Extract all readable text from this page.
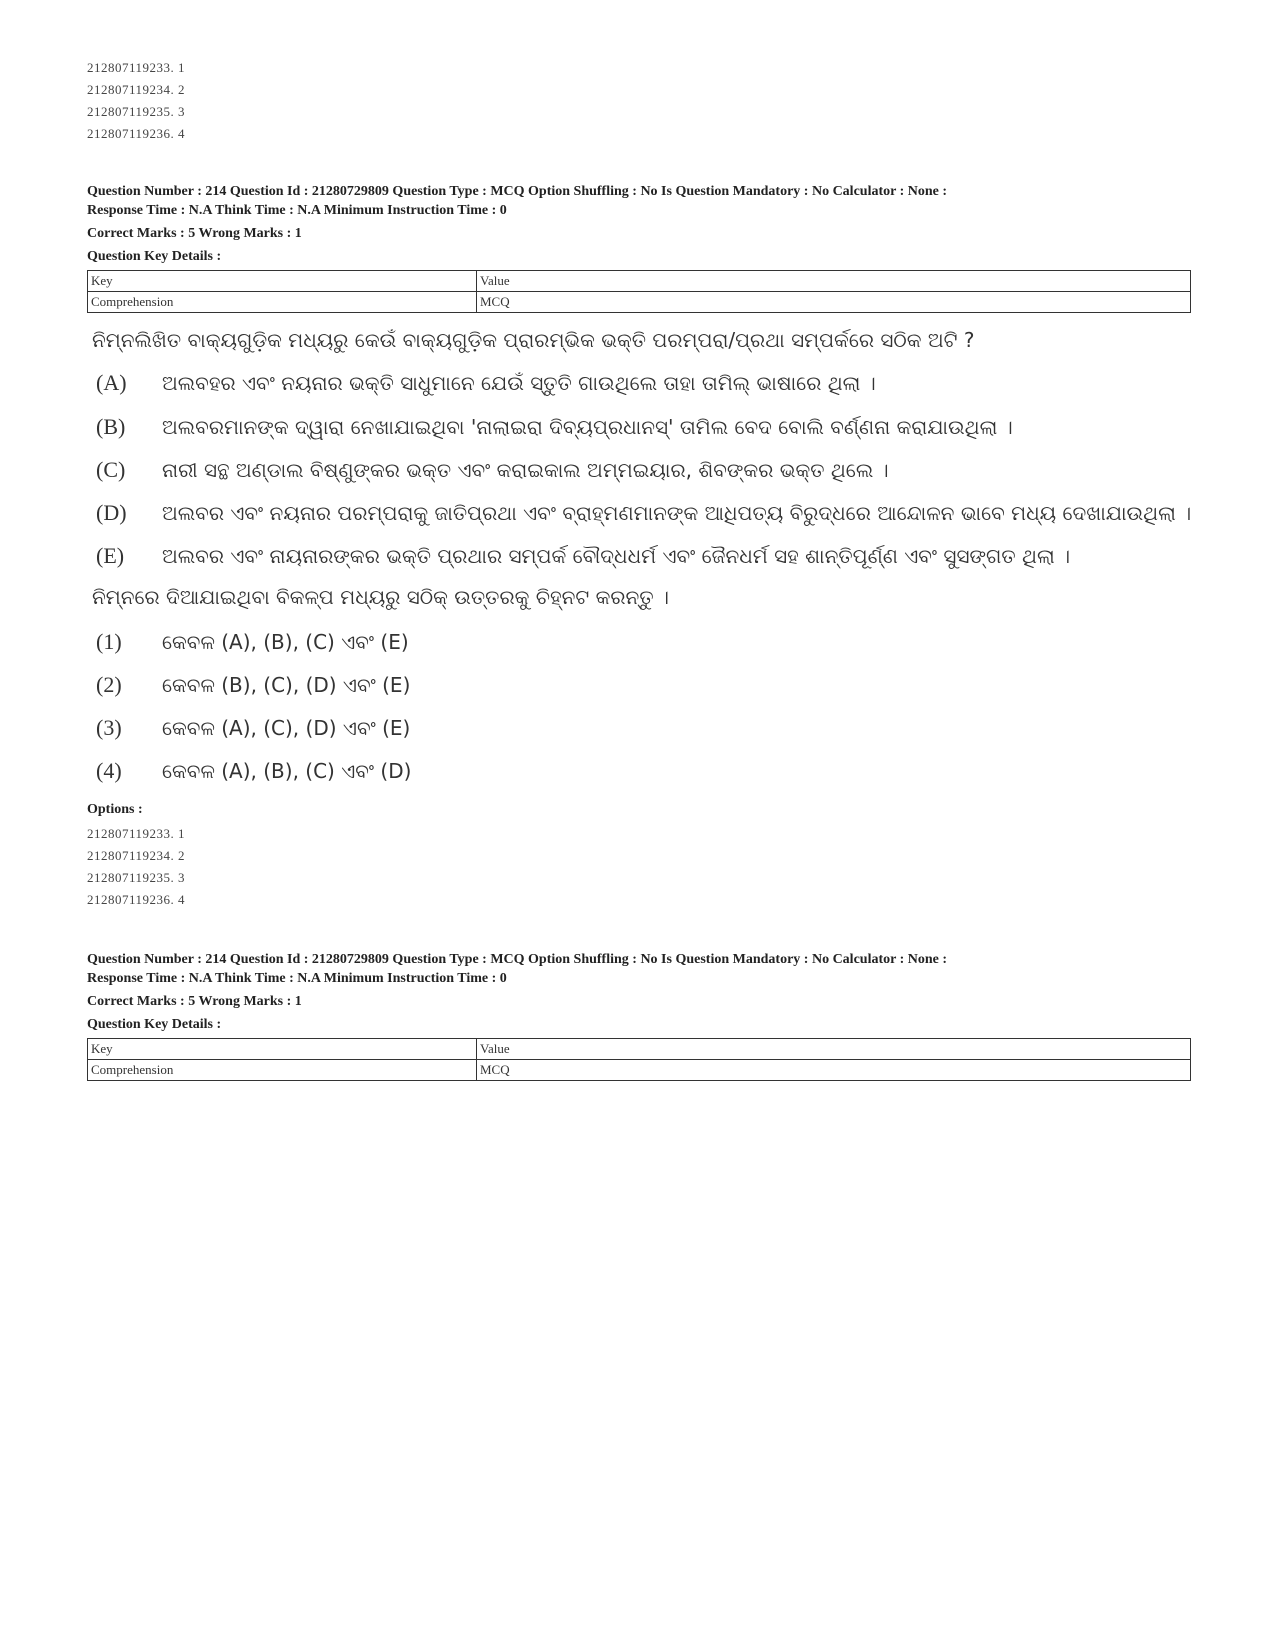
212807119233. 1
212807119234. 2
212807119235. 3
212807119236. 4
Question Number : 214 Question Id : 21280729809 Question Type : MCQ Option Shuffling : No Is Question Mandatory : No Calculator : None :
Response Time : N.A Think Time : N.A Minimum Instruction Time : 0
Correct Marks : 5 Wrong Marks : 1
Question Key Details :
Key	Value
Comprehension	MCQ
ନିମ୍ନଲିଖିତ ବାକ୍ୟଗୁଡ଼ିକ ମଧ୍ୟରୁ କେଉଁ ବାକ୍ୟଗୁଡ଼ିକ ପ୍ରାରମ୍ଭିକ ଭକ୍ତି ପରମ୍ପରା/ପ୍ରଥା ସମ୍ପର୍କରେ ସଠିକ ଅଟି ?
(A) ଅଲବହର ଏବଂ ନୟନାର ଭକ୍ତି ସାଧୁମାନେ ଯେଉଁ ସ୍ତୁତି ଗାଉଥିଲେ ତାହା ତାମିଲ୍ ଭାଷାରେ ଥିଲା ।
(B) ଅଲବରମାନଙ୍କ ଦ୍ୱାରା ନେଖାଯାଇଥିବା 'ନାଲାଇରା ଦିବ୍ୟପ୍ରଧାନସ୍' ତାମିଲ ବେଦ ବୋଲି ବର୍ଣ୍ଣନା କରାଯାଉଥିଲା ।
(C) ନାରୀ ସନ୍ଥ ଅଣ୍ଡାଲ ବିଷ୍ଣୁଙ୍କର ଭକ୍ତ ଏବଂ କରାଇକାଲ ଅମ୍ମଇୟାର, ଶିବଙ୍କର ଭକ୍ତ ଥିଲେ ।
(D) ଅଲବର ଏବଂ ନୟନାର ପରମ୍ପରାକୁ ଜାତିପ୍ରଥା ଏବଂ ବ୍ରାହ୍ମଣମାନଙ୍କ ଆଧିପତ୍ୟ ବିରୁଦ୍ଧରେ ଆନ୍ଦୋଳନ ଭାବେ ମଧ୍ୟ ଦେଖାଯାଉଥିଲା ।
(E) ଅଲବର ଏବଂ ନାୟନାରଙ୍କର ଭକ୍ତି ପ୍ରଥାର ସମ୍ପର୍କ ବୌଦ୍ଧଧର୍ମ ଏବଂ ଜୈନଧର୍ମ ସହ ଶାନ୍ତିପୂର୍ଣ୍ଣ ଏବଂ ସୁସଙ୍ଗତ ଥିଲା ।
ନିମ୍ନରେ ଦିଆଯାଇଥିବା ବିକଳ୍ପ ମଧ୍ୟରୁ ସଠିକ୍ ଉତ୍ତରକୁ ଚିହ୍ନଟ କରନ୍ତୁ ।
(1) କେବଳ (A), (B), (C) ଏବଂ (E)
(2) କେବଳ (B), (C), (D) ଏବଂ (E)
(3) କେବଳ (A), (C), (D) ଏବଂ (E)
(4) କେବଳ (A), (B), (C) ଏବଂ (D)
Options :
212807119233. 1
212807119234. 2
212807119235. 3
212807119236. 4
Question Number : 214 Question Id : 21280729809 Question Type : MCQ Option Shuffling : No Is Question Mandatory : No Calculator : None :
Response Time : N.A Think Time : N.A Minimum Instruction Time : 0
Correct Marks : 5 Wrong Marks : 1
Question Key Details :
Key	Value
Comprehension	MCQ
